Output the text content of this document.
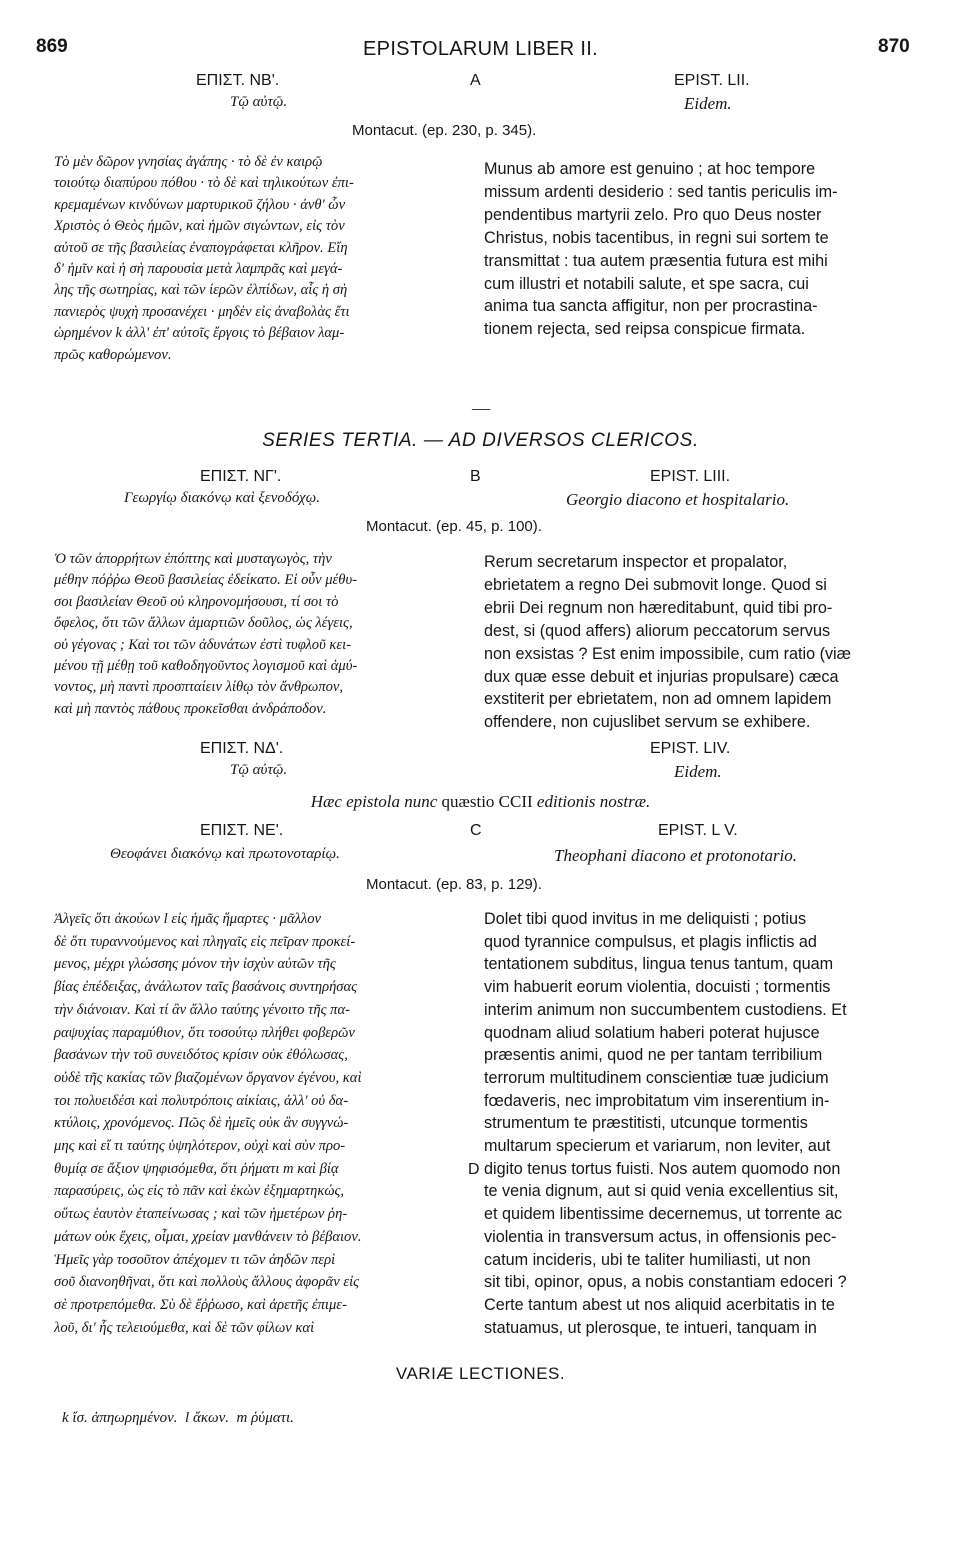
869	EPISTOLARUM LIBER II.	870
ΕΠΙΣΤ. ΝΒ'.
Τῷ αὐτῷ.
A	EPIST. LII.
Eidem.
Montacut. (ep. 230, p. 345).
Τὸ μὲν δῶρον γνησίας ἀγάπης · τὸ δὲ ἐν καιρῷ
τοιούτῳ διαπύρου πόθου · τὸ δὲ καὶ τηλικούτων ἐπι-
κρεμαμένων κινδύνων μαρτυρικοῦ ζήλου · ἀνθ' ὧν
Χριστὸς ὁ Θεὸς ἡμῶν, καὶ ἡμῶν σιγώντων, εἰς τὸν
αὐτοῦ σε τῆς βασιλείας ἐναπογράφεται κλῆρον. Εἴη
δ' ἡμῖν καὶ ἡ σὴ παρουσία μετὰ λαμπρᾶς καὶ μεγά-
λης τῆς σωτηρίας, καὶ τῶν ἱερῶν ἐλπίδων, αἷς ἡ σὴ
πανιερὸς ψυχὴ προσανέχει · μηδὲν εἰς ἀναβολὰς ἔτι
ὡρημένον k ἀλλ' ἐπ' αὐτοῖς ἔργοις τὸ βέβαιον λαμ-
πρῶς καθορώμενον.
Munus ab amore est genuino ; at hoc tempore
missum ardenti desiderio : sed tantis periculis im-
pendentibus martyrii zelo. Pro quo Deus noster
Christus, nobis tacentibus, in regni sui sortem te
transmittat : tua autem præsentia futura est mihi
cum illustri et notabili salute, et spe sacra, cui
anima tua sancta affigitur, non per procrastina-
tionem rejecta, sed reipsa conspicue firmata.
—
SERIES TERTIA. — AD DIVERSOS CLERICOS.
ΕΠΙΣΤ. ΝΓ'.
Γεωργίῳ διακόνῳ καὶ ξενοδόχῳ.
B	EPIST. LIII.
Georgio diacono et hospitalario.
Montacut. (ep. 45, p. 100).
Ὁ τῶν ἀπορρήτων ἐπόπτης καὶ μυσταγωγὸς, τὴν
μέθην πόῤῥω Θεοῦ βασιλείας ἐδείκατο. Εἰ οὖν μέθυ-
σοι βασιλείαν Θεοῦ οὐ κληρονομήσουσι, τί σοι τὸ
ὄφελος, ὅτι τῶν ἄλλων ἁμαρτιῶν δοῦλος, ὡς λέγεις,
οὐ γέγονας ; Καὶ τοι τῶν ἀδυνάτων ἐστὶ τυφλοῦ κει-
μένου τῇ μέθῃ τοῦ καθοδηγοῦντος λογισμοῦ καὶ ἀμύ-
νοντος, μὴ παντὶ προσπταίειν λίθῳ τὸν ἄνθρωπον,
καὶ μὴ παντὸς πάθους προκεῖσθαι ἀνδράποδον.
Rerum secretarum inspector et propalator,
ebrietatem a regno Dei submovit longe. Quod si
ebrii Dei regnum non hæreditabunt, quid tibi pro-
dest, si (quod affers) aliorum peccatorum servus
non exsistas ? Est enim impossibile, cum ratio (viæ
dux quæ esse debuit et injurias propulsare) cæca
exstiterit per ebrietatem, non ad omnem lapidem
offendere, non cujuslibet servum se exhibere.
ΕΠΙΣΤ. ΝΔ'.
Τῷ αὐτῷ.
EPIST. LIV.
Eidem.
Hæc epistola nunc quæstio CCII editionis nostræ.
ΕΠΙΣΤ. ΝΕ'.
Θεοφάνει διακόνῳ καὶ πρωτονοταρίῳ.
C	EPIST. L V.
Theophani diacono et protonotario.
Montacut. (ep. 83, p. 129).
Ἀλγεῖς ὅτι ἀκούων l εἰς ἡμᾶς ἥμαρτες · μᾶλλον
δὲ ὅτι τυραννούμενος καὶ πληγαῖς εἰς πεῖραν προκεί-
μενος, μέχρι γλώσσης μόνον τὴν ἰσχὺν αὐτῶν τῆς
βίας ἐπέδειξας, ἀνάλωτον ταῖς βασάνοις συντηρήσας
τὴν διάνοιαν. Καὶ τί ἂν ἄλλο ταύτης γένοιτο τῆς πα-
ραψυχίας παραμύθιον, ὅτι τοσούτῳ πλήθει φοβερῶν
βασάνων τὴν τοῦ συνειδότος κρίσιν οὐκ ἐθόλωσας,
οὐδὲ τῆς κακίας τῶν βιαζομένων ὄργανον ἐγένου, καὶ
τοι πολυειδέσι καὶ πολυτρόποις αἰκίαις, ἀλλ' οὐ δα-
κτύλοις, χρονόμενος. Πῶς δὲ ἡμεῖς οὐκ ἂν συγγνώ-
μης καὶ εἴ τι ταύτης ὑψηλότερον, οὐχὶ καὶ σὺν προ-
θυμίᾳ σε ἄξιον ψηφισόμεθα, ὅτι ῥήματι m καὶ βίᾳ
παρασύρεις, ὡς εἰς τὸ πᾶν καὶ ἑκὼν ἐξημαρτηκώς,
οὕτως ἑαυτὸν ἐταπείνωσας ; καὶ τῶν ἡμετέρων ῥη-
μάτων οὐκ ἔχεις, οἶμαι, χρείαν μανθάνειν τὸ βέβαιον.
Ἡμεῖς γὰρ τοσοῦτον ἀπέχομεν τι τῶν ἀηδῶν περὶ
σοῦ διανοηθῆναι, ὅτι καὶ πολλοὺς ἄλλους ἀφορᾶν εἰς
σὲ προτρεπόμεθα. Σὺ δὲ ἔῤῥωσο, καὶ ἀρετῆς ἐπιμε-
λοῦ, δι' ἧς τελειούμεθα, καὶ δὲ τῶν φίλων καὶ
D
Dolet tibi quod invitus in me deliquisti ; potius
quod tyrannice compulsus, et plagis inflictis ad
tentationem subditus, lingua tenus tantum, quam
vim habuerit eorum violentia, docuisti ; tormentis
interim animum non succumbentem custodiens. Et
quodnam aliud solatium haberi poterat hujusce
præsentis animi, quod ne per tantam terribilium
terrorum multitudinem conscientiæ tuæ judicium
fœdaveris, nec improbitatum vim inserentium in-
strumentum te præstitisti, utcunque tormentis
multarum specierum et variarum, non leviter, aut
digito tenus tortus fuisti. Nos autem quomodo non
te venia dignum, aut si quid venia excellentius sit,
et quidem libentissime decernemus, ut torrente ac
violentia in transversum actus, in offensionis pec-
catum incideris, ubi te taliter humiliasti, ut non
sit tibi, opinor, opus, a nobis constantiam edoceri ?
Certe tantum abest ut nos aliquid acerbitatis in te
statuamus, ut plerosque, te intueri, tanquam in
VARIÆ LECTIONES.
k ἴσ. ἀπηωρημένον.  l ἄκων.  m ῥύματι.
